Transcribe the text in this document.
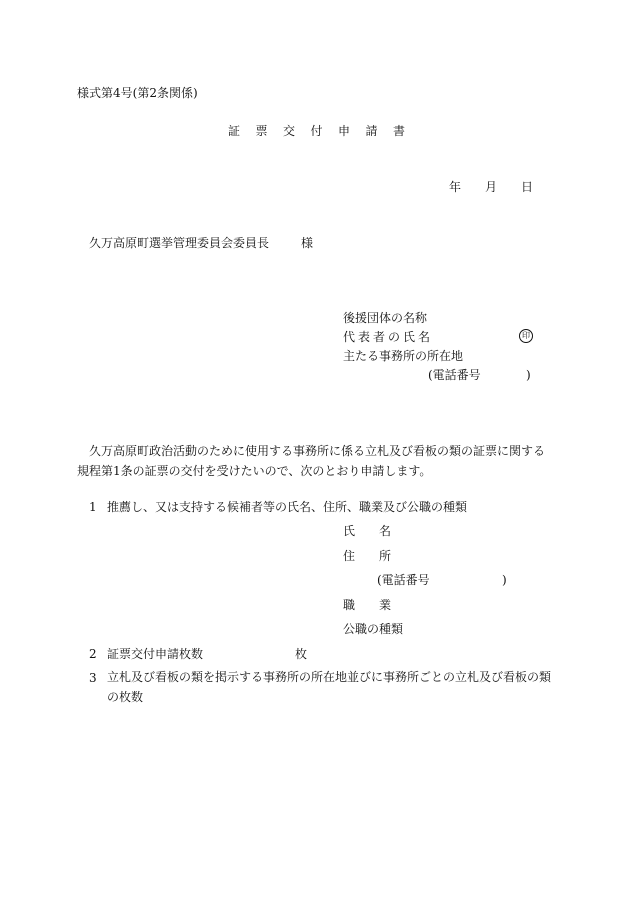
様式第4号(第2条関係)
証票交付申請書
年 月 日
久万高原町選挙管理委員会委員長	様
後援団体の名称
代表者の氏名	印
主たる事務所の所在地
(電話番号	)
久万高原町政治活動のために使用する事務所に係る立札及び看板の類の証票に関する規程第1条の証票の交付を受けたいので、次のとおり申請します。
1 推薦し、又は支持する候補者等の氏名、住所、職業及び公職の種類
氏　　名
住　　所
(電話番号	)
職　　業
公職の種類
2 証票交付申請枚数	枚
3 立札及び看板の類を掲示する事務所の所在地並びに事務所ごとの立札及び看板の類の枚数
